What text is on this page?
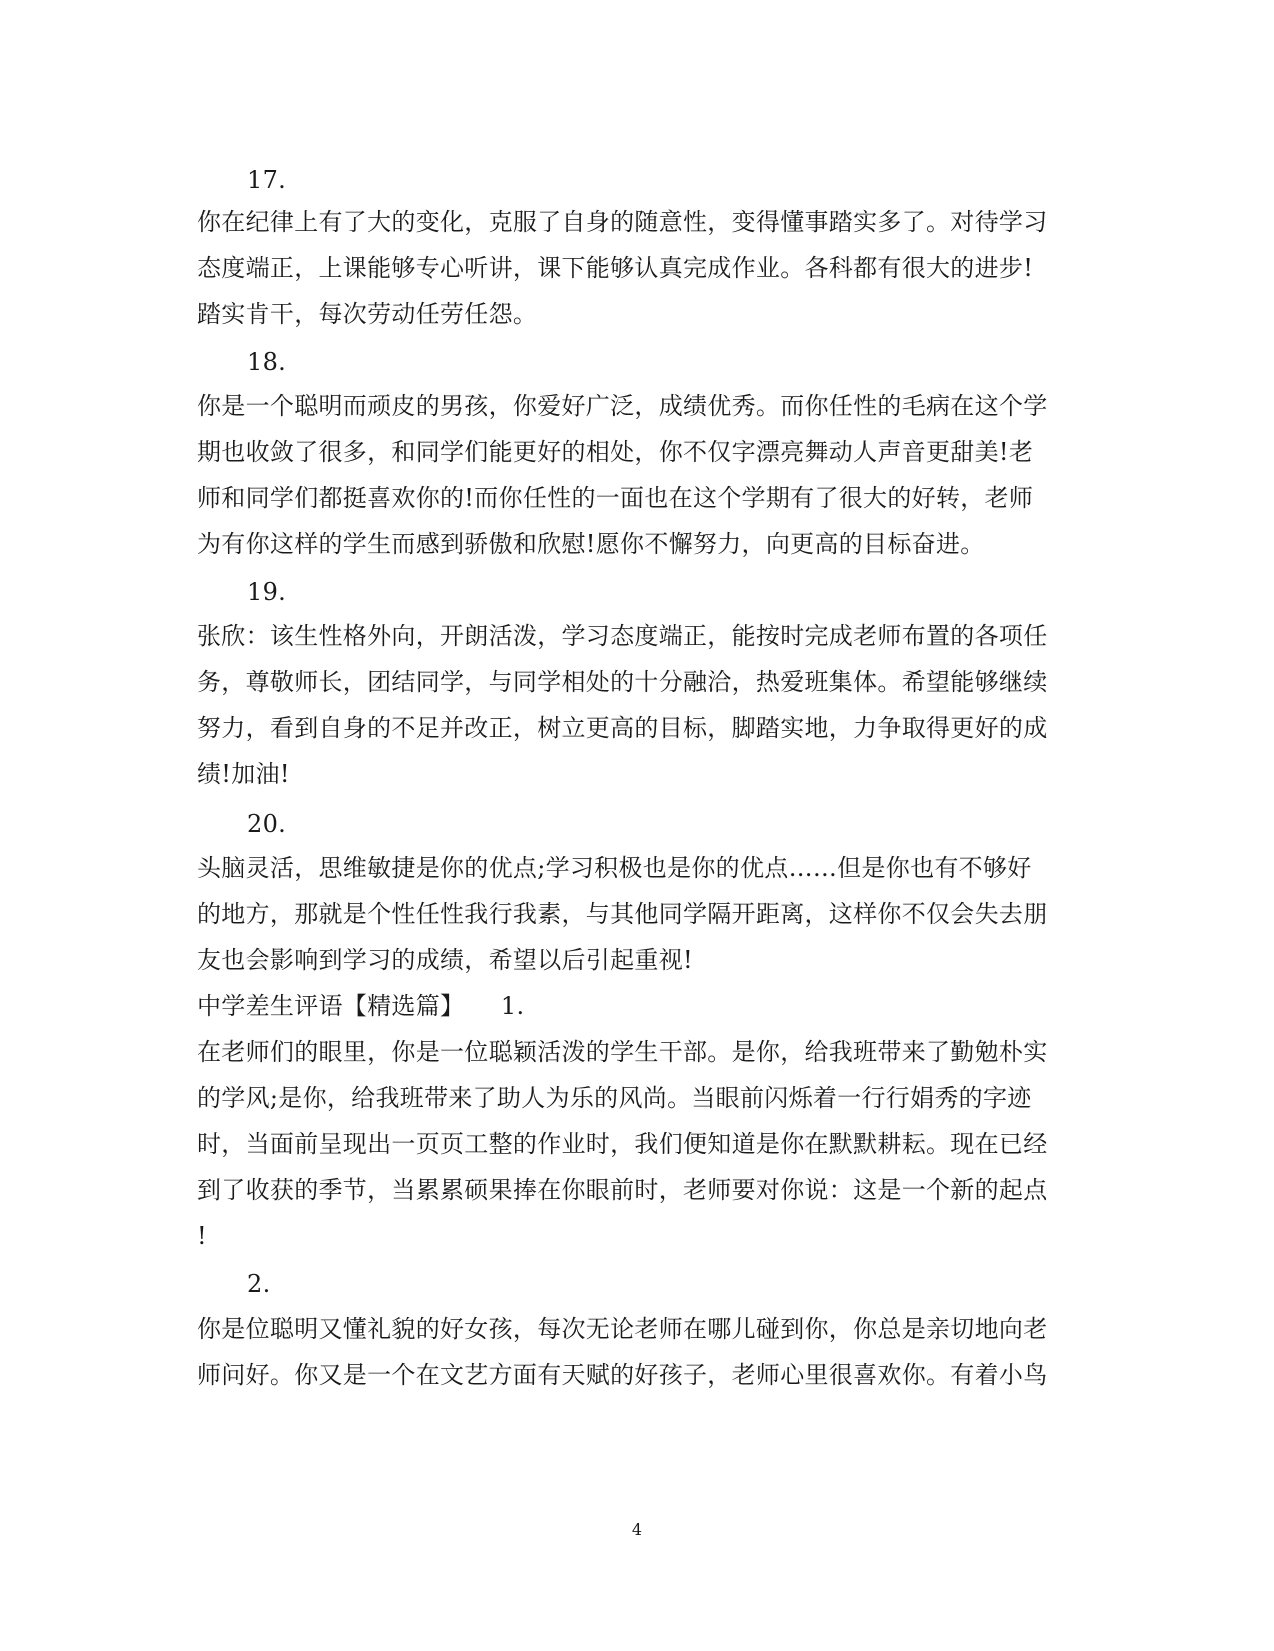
17.
你在纪律上有了大的变化，克服了自身的随意性，变得懂事踏实多了。对待学习
态度端正，上课能够专心听讲，课下能够认真完成作业。各科都有很大的进步!
踏实肯干，每次劳动任劳任怨。
18.
你是一个聪明而顽皮的男孩，你爱好广泛，成绩优秀。而你任性的毛病在这个学
期也收敛了很多，和同学们能更好的相处，你不仅字漂亮舞动人声音更甜美!老
师和同学们都挺喜欢你的!而你任性的一面也在这个学期有了很大的好转，老师
为有你这样的学生而感到骄傲和欣慰!愿你不懈努力，向更高的目标奋进。
19.
张欣：该生性格外向，开朗活泼，学习态度端正，能按时完成老师布置的各项任
务，尊敬师长，团结同学，与同学相处的十分融洽，热爱班集体。希望能够继续
努力，看到自身的不足并改正，树立更高的目标，脚踏实地，力争取得更好的成
绩!加油!
20.
头脑灵活，思维敏捷是你的优点;学习积极也是你的优点……但是你也有不够好
的地方，那就是个性任性我行我素，与其他同学隔开距离，这样你不仅会失去朋
友也会影响到学习的成绩，希望以后引起重视!
中学差生评语【精选篇】　　1.
在老师们的眼里，你是一位聪颖活泼的学生干部。是你，给我班带来了勤勉朴实
的学风;是你，给我班带来了助人为乐的风尚。当眼前闪烁着一行行娟秀的字迹
时，当面前呈现出一页页工整的作业时，我们便知道是你在默默耕耘。现在已经
到了收获的季节，当累累硕果捧在你眼前时，老师要对你说：这是一个新的起点
!
2.
你是位聪明又懂礼貌的好女孩，每次无论老师在哪儿碰到你，你总是亲切地向老
师问好。你又是一个在文艺方面有天赋的好孩子，老师心里很喜欢你。有着小鸟
4
